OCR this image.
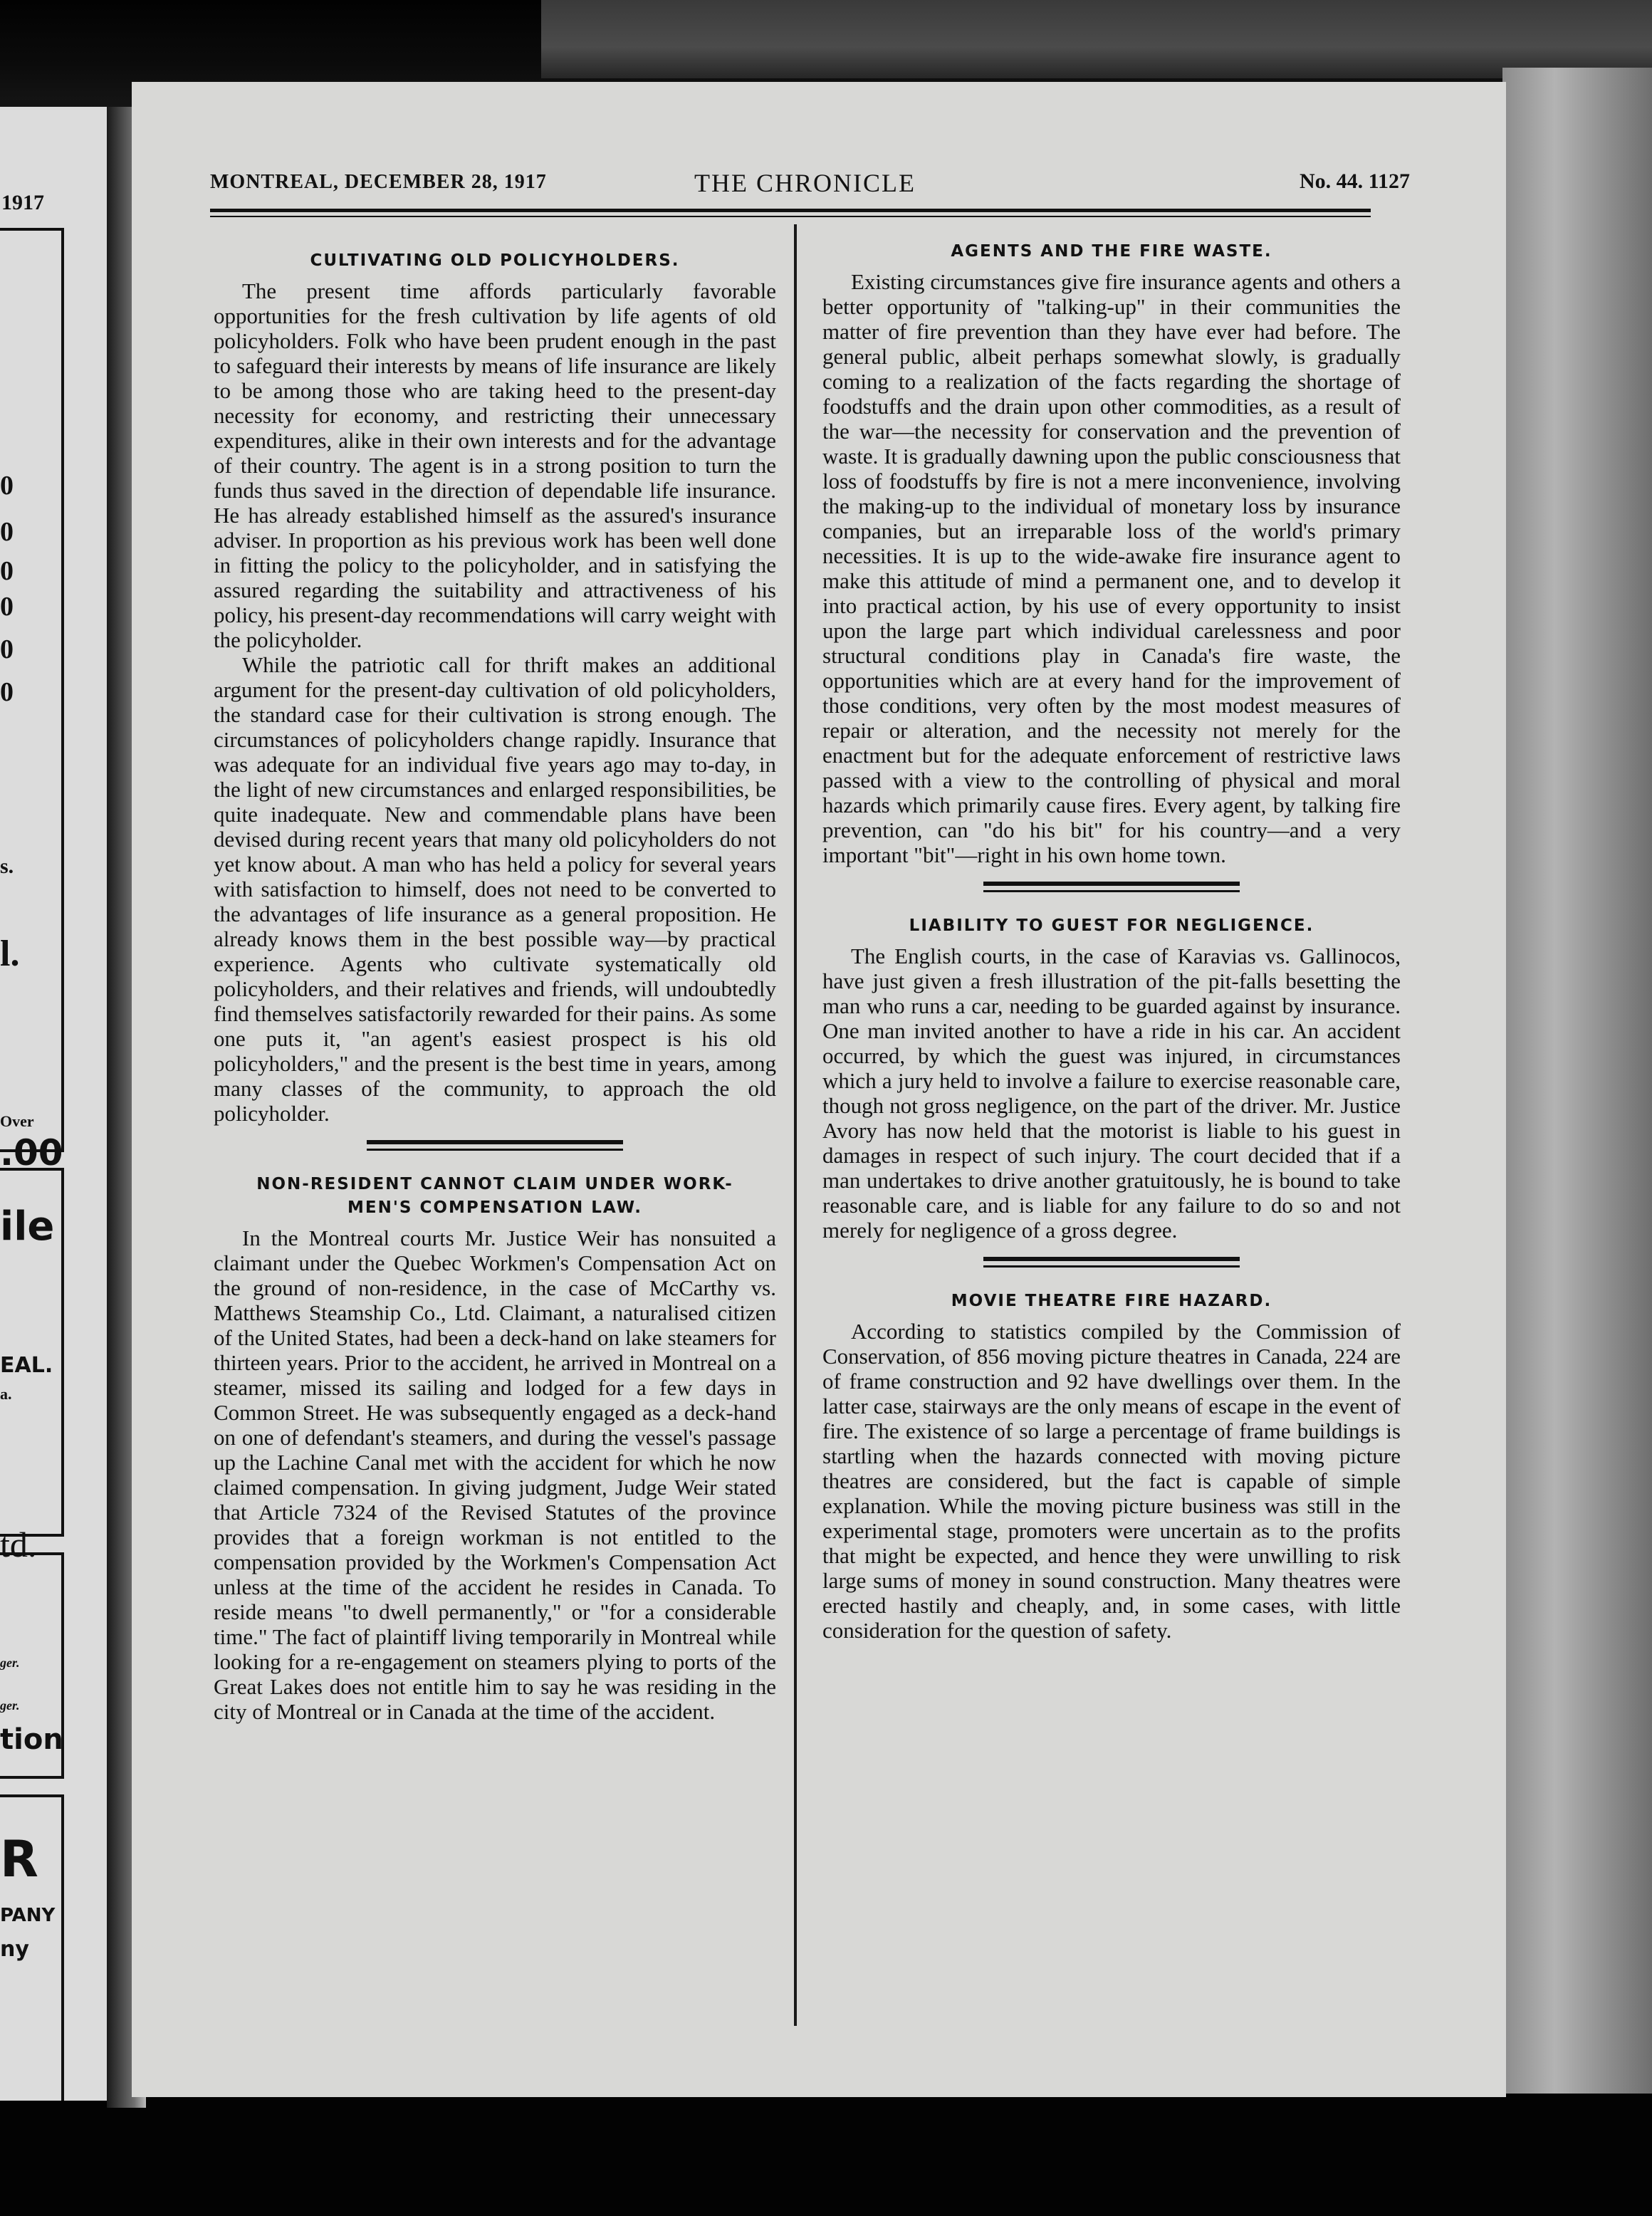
1917
0
0
0
0
0
0
s.
l.
Over
.00
ile
EAL.
a.
td.
ger.
ger.
tion
R
PANY
ny
MONTREAL, DECEMBER 28, 1917	THE CHRONICLE	No. 44. 1127
CULTIVATING OLD POLICYHOLDERS.

The present time affords particularly favorable opportunities for the fresh cultivation by life agents of old policyholders. Folk who have been prudent enough in the past to safeguard their interests by means of life insurance are likely to be among those who are taking heed to the present-day necessity for economy, and restricting their unnecessary expenditures, alike in their own interests and for the advantage of their country. The agent is in a strong position to turn the funds thus saved in the direction of dependable life insurance. He has already established himself as the assured's insurance adviser. In proportion as his previous work has been well done in fitting the policy to the policyholder, and in satisfying the assured regarding the suitability and attractiveness of his policy, his present-day recommendations will carry weight with the policyholder.

While the patriotic call for thrift makes an additional argument for the present-day cultivation of old policyholders, the standard case for their cultivation is strong enough. The circumstances of policyholders change rapidly. Insurance that was adequate for an individual five years ago may to-day, in the light of new circumstances and enlarged responsibilities, be quite inadequate. New and commendable plans have been devised during recent years that many old policyholders do not yet know about. A man who has held a policy for several years with satisfaction to himself, does not need to be converted to the advantages of life insurance as a general proposition. He already knows them in the best possible way—by practical experience. Agents who cultivate systematically old policyholders, and their relatives and friends, will undoubtedly find themselves satisfactorily rewarded for their pains. As some one puts it, "an agent's easiest prospect is his old policyholders," and the present is the best time in years, among many classes of the community, to approach the old policyholder.

NON-RESIDENT CANNOT CLAIM UNDER WORK-
MEN'S COMPENSATION LAW.

In the Montreal courts Mr. Justice Weir has nonsuited a claimant under the Quebec Workmen's Compensation Act on the ground of non-residence, in the case of McCarthy vs. Matthews Steamship Co., Ltd. Claimant, a naturalised citizen of the United States, had been a deck-hand on lake steamers for thirteen years. Prior to the accident, he arrived in Montreal on a steamer, missed its sailing and lodged for a few days in Common Street. He was subsequently engaged as a deck-hand on one of defendant's steamers, and during the vessel's passage up the Lachine Canal met with the accident for which he now claimed compensation. In giving judgment, Judge Weir stated that Article 7324 of the Revised Statutes of the province provides that a foreign workman is not entitled to the compensation provided by the Workmen's Compensation Act unless at the time of the accident he resides in Canada. To reside means "to dwell permanently," or "for a considerable time." The fact of plaintiff living temporarily in Montreal while looking for a re-engagement on steamers plying to ports of the Great Lakes does not entitle him to say he was residing in the city of Montreal or in Canada at the time of the accident.

AGENTS AND THE FIRE WASTE.

Existing circumstances give fire insurance agents and others a better opportunity of "talking-up" in their communities the matter of fire prevention than they have ever had before. The general public, albeit perhaps somewhat slowly, is gradually coming to a realization of the facts regarding the shortage of foodstuffs and the drain upon other commodities, as a result of the war—the necessity for conservation and the prevention of waste. It is gradually dawning upon the public consciousness that loss of foodstuffs by fire is not a mere inconvenience, involving the making-up to the individual of monetary loss by insurance companies, but an irreparable loss of the world's primary necessities. It is up to the wide-awake fire insurance agent to make this attitude of mind a permanent one, and to develop it into practical action, by his use of every opportunity to insist upon the large part which individual carelessness and poor structural conditions play in Canada's fire waste, the opportunities which are at every hand for the improvement of those conditions, very often by the most modest measures of repair or alteration, and the necessity not merely for the enactment but for the adequate enforcement of restrictive laws passed with a view to the controlling of physical and moral hazards which primarily cause fires. Every agent, by talking fire prevention, can "do his bit" for his country—and a very important "bit"—right in his own home town.

LIABILITY TO GUEST FOR NEGLIGENCE.

The English courts, in the case of Karavias vs. Gallinocos, have just given a fresh illustration of the pit-falls besetting the man who runs a car, needing to be guarded against by insurance. One man invited another to have a ride in his car. An accident occurred, by which the guest was injured, in circumstances which a jury held to involve a failure to exercise reasonable care, though not gross negligence, on the part of the driver. Mr. Justice Avory has now held that the motorist is liable to his guest in damages in respect of such injury. The court decided that if a man undertakes to drive another gratuitously, he is bound to take reasonable care, and is liable for any failure to do so and not merely for negligence of a gross degree.

MOVIE THEATRE FIRE HAZARD.

According to statistics compiled by the Commission of Conservation, of 856 moving picture theatres in Canada, 224 are of frame construction and 92 have dwellings over them. In the latter case, stairways are the only means of escape in the event of fire. The existence of so large a percentage of frame buildings is startling when the hazards connected with moving picture theatres are considered, but the fact is capable of simple explanation. While the moving picture business was still in the experimental stage, promoters were uncertain as to the profits that might be expected, and hence they were unwilling to risk large sums of money in sound construction. Many theatres were erected hastily and cheaply, and, in some cases, with little consideration for the question of safety.
